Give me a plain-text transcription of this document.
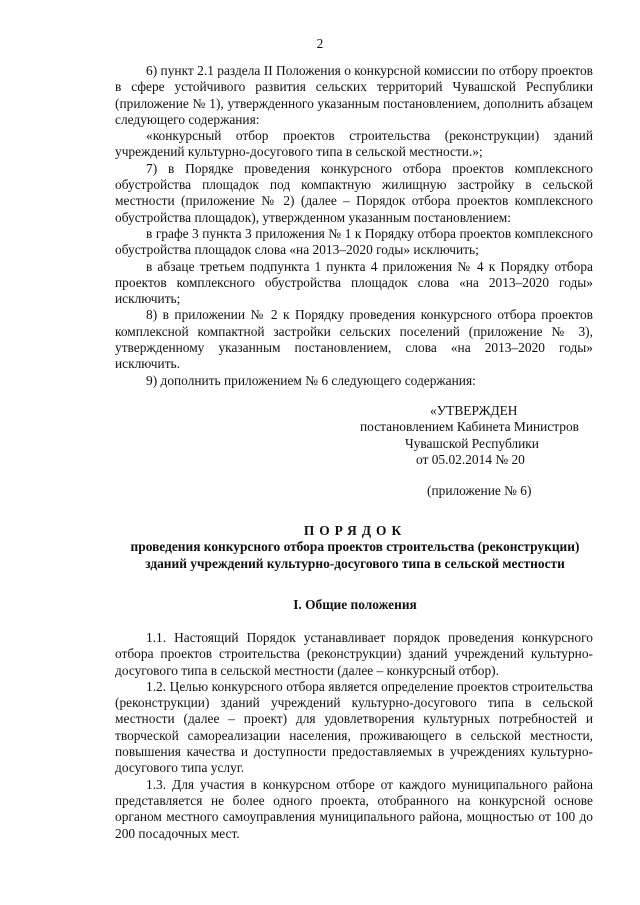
2

6) пункт 2.1 раздела II Положения о конкурсной комиссии по отбору проектов в сфере устойчивого развития сельских территорий Чувашской Республики (приложение № 1), утвержденного указанным постановлением, дополнить абзацем следующего содержания:

«конкурсный отбор проектов строительства (реконструкции) зданий учреждений культурно-досугового типа в сельской местности.»;

7) в Порядке проведения конкурсного отбора проектов комплексного обустройства площадок под компактную жилищную застройку в сельской местности (приложение № 2) (далее – Порядок отбора проектов комплексного обустройства площадок), утвержденном указанным постановлением:

в графе 3 пункта 3 приложения № 1 к Порядку отбора проектов комплексного обустройства площадок слова «на 2013–2020 годы» исключить;

в абзаце третьем подпункта 1 пункта 4 приложения № 4 к Порядку отбора проектов комплексного обустройства площадок слова «на 2013–2020 годы» исключить;

8) в приложении № 2 к Порядку проведения конкурсного отбора проектов комплексной компактной застройки сельских поселений (приложение № 3), утвержденному указанным постановлением, слова «на 2013–2020 годы» исключить.

9) дополнить приложением № 6 следующего содержания:

«УТВЕРЖДЕН

постановлением Кабинета Министров

Чувашской Республики

от 05.02.2014 № 20

(приложение № 6)

ПОРЯДОК

проведения конкурсного отбора проектов строительства (реконструкции)

зданий учреждений культурно-досугового типа в сельской местности

I. Общие положения

1.1. Настоящий Порядок устанавливает порядок проведения конкурсного отбора проектов строительства (реконструкции) зданий учреждений культурно-досугового типа в сельской местности (далее – конкурсный отбор).

1.2. Целью конкурсного отбора является определение проектов строительства (реконструкции) зданий учреждений культурно-досугового типа в сельской местности (далее – проект) для удовлетворения культурных потребностей и творческой самореализации населения, проживающего в сельской местности, повышения качества и доступности предоставляемых в учреждениях культурно-досугового типа услуг.

1.3. Для участия в конкурсном отборе от каждого муниципального района представляется не более одного проекта, отобранного на конкурсной основе органом местного самоуправления муниципального района, мощностью от 100 до 200 посадочных мест.
